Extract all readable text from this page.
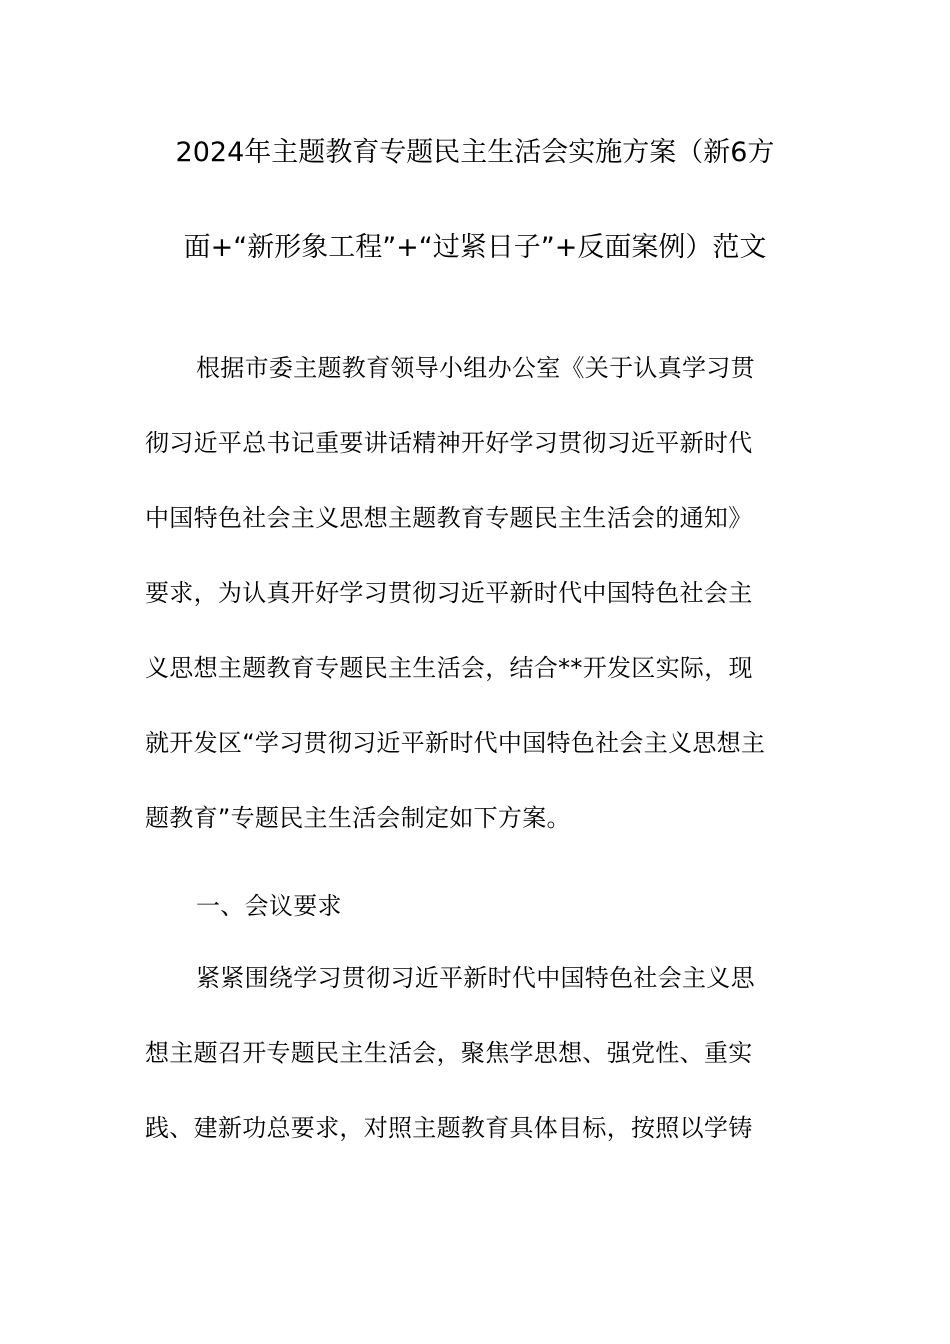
2024年主题教育专题民主生活会实施方案（新6方
面+“新形象工程”+“过紧日子”+反面案例）范文
根据市委主题教育领导小组办公室《关于认真学习贯
彻习近平总书记重要讲话精神开好学习贯彻习近平新时代
中国特色社会主义思想主题教育专题民主生活会的通知》
要求，为认真开好学习贯彻习近平新时代中国特色社会主
义思想主题教育专题民主生活会，结合**开发区实际，现
就开发区“学习贯彻习近平新时代中国特色社会主义思想主
题教育”专题民主生活会制定如下方案。
一、会议要求
紧紧围绕学习贯彻习近平新时代中国特色社会主义思
想主题召开专题民主生活会，聚焦学思想、强党性、重实
践、建新功总要求，对照主题教育具体目标，按照以学铸
